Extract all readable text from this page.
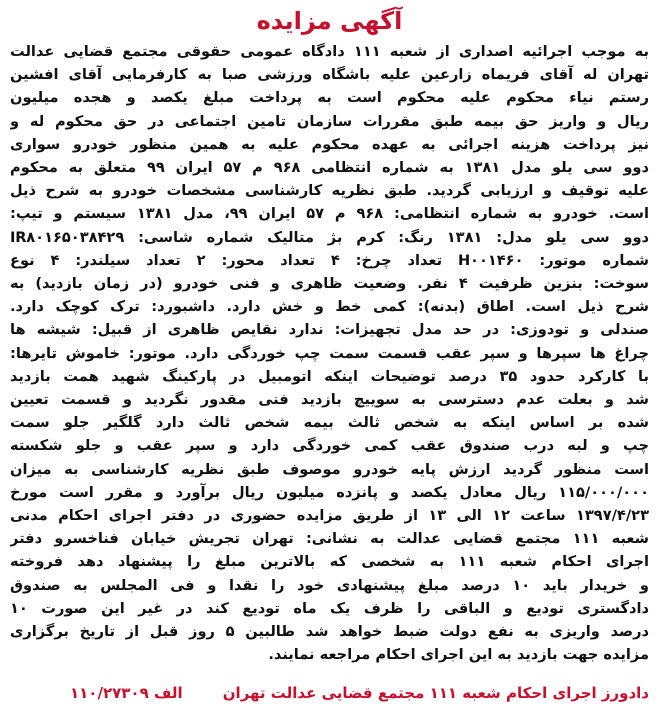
آگهی مزایده
به موجب اجرائیه اصداری از شعبه ۱۱۱ دادگاه عمومی حقوقی مجتمع قضایی عدالت
تهران له آقای فریماه زارعین علیه باشگاه ورزشی صبا به کارفرمایی آقای افشین
رستم نیاء محکوم علیه محکوم است به پرداخت مبلغ یکصد و هجده میلیون
ریال و واریز حق بیمه طبق مقررات سازمان تامین اجتماعی در حق محکوم له و
نیز پرداخت هزینه اجرائی به عهده محکوم علیه به همین منظور خودرو سواری
دوو سی یلو مدل ۱۳۸۱ به شماره انتظامی ۹۶۸ م ۵۷ ایران ۹۹ متعلق به محکوم
علیه توقیف و ارزیابی گردید. طبق نظریه کارشناسی مشخصات خودرو به شرح ذیل
است. خودرو به شماره انتظامی: ۹۶۸ م ۵۷ ایران ۹۹، مدل ۱۳۸۱ سیستم و تیپ:
دوو سی یلو مدل: ۱۳۸۱ رنگ: کرم بژ متالیک شماره شاسی: IR۸۰۱۶۵۰۳۸۴۲۹
شماره موتور: H۰۰۱۴۶۰ تعداد چرخ: ۴ تعداد محور: ۲ تعداد سیلندر: ۴ نوع
سوخت: بنزین ظرفیت ۴ نفر. وضعیت ظاهری و فنی خودرو (در زمان بازدید) به
شرح ذیل است. اطاق (بدنه): کمی خط و خش دارد. داشبورد: ترک کوچک دارد.
صندلی و تودوزی: در حد مدل تجهیزات: ندارد نقایص ظاهری از قبیل: شیشه ها
چراغ ها سپرها و سپر عقب قسمت سمت چپ خوردگی دارد. موتور: خاموش تایرها:
با کارکرد حدود ۳۵ درصد توضیحات اینکه اتومبیل در پارکینگ شهید همت بازدید
شد و بعلت عدم دسترسی به سوییچ بازدید فنی مقدور نگردید و قسمت تعیین
شده بر اساس اینکه به شخص ثالث بیمه شخص ثالث دارد گلگیر جلو سمت
چپ و لبه درب صندوق عقب کمی خوردگی دارد و سپر عقب و جلو شکسته
است منظور گردید ارزش پایه خودرو موصوف طبق نظریه کارشناسی به میزان
۱۱۵/۰۰۰/۰۰۰ ریال معادل یکصد و پانزده میلیون ریال برآورد و مقرر است مورخ
۱۳۹۷/۴/۲۳ ساعت ۱۲ الی ۱۳ از طریق مزایده حضوری در دفتر اجرای احکام مدنی
شعبه ۱۱۱ مجتمع قضایی عدالت به نشانی: تهران تجریش خیابان فناخسرو دفتر
اجرای احکام شعبه ۱۱۱ به شخصی که بالاترین مبلغ را پیشنهاد دهد فروخته
و خریدار باید ۱۰ درصد مبلغ پیشنهادی خود را نقدا و فی المجلس به صندوق
دادگستری تودیع و الباقی را ظرف یک ماه تودیع کند در غیر این صورت ۱۰
درصد واریزی به نفع دولت ضبط خواهد شد طالبین ۵ روز قبل از تاریخ برگزاری
مزایده جهت بازدید به این اجرای احکام مراجعه نمایند.
دادورز اجرای احکام شعبه ۱۱۱ مجتمع قضایی عدالت تهران
۱۱۰/۲۷۳۰۹ الف
